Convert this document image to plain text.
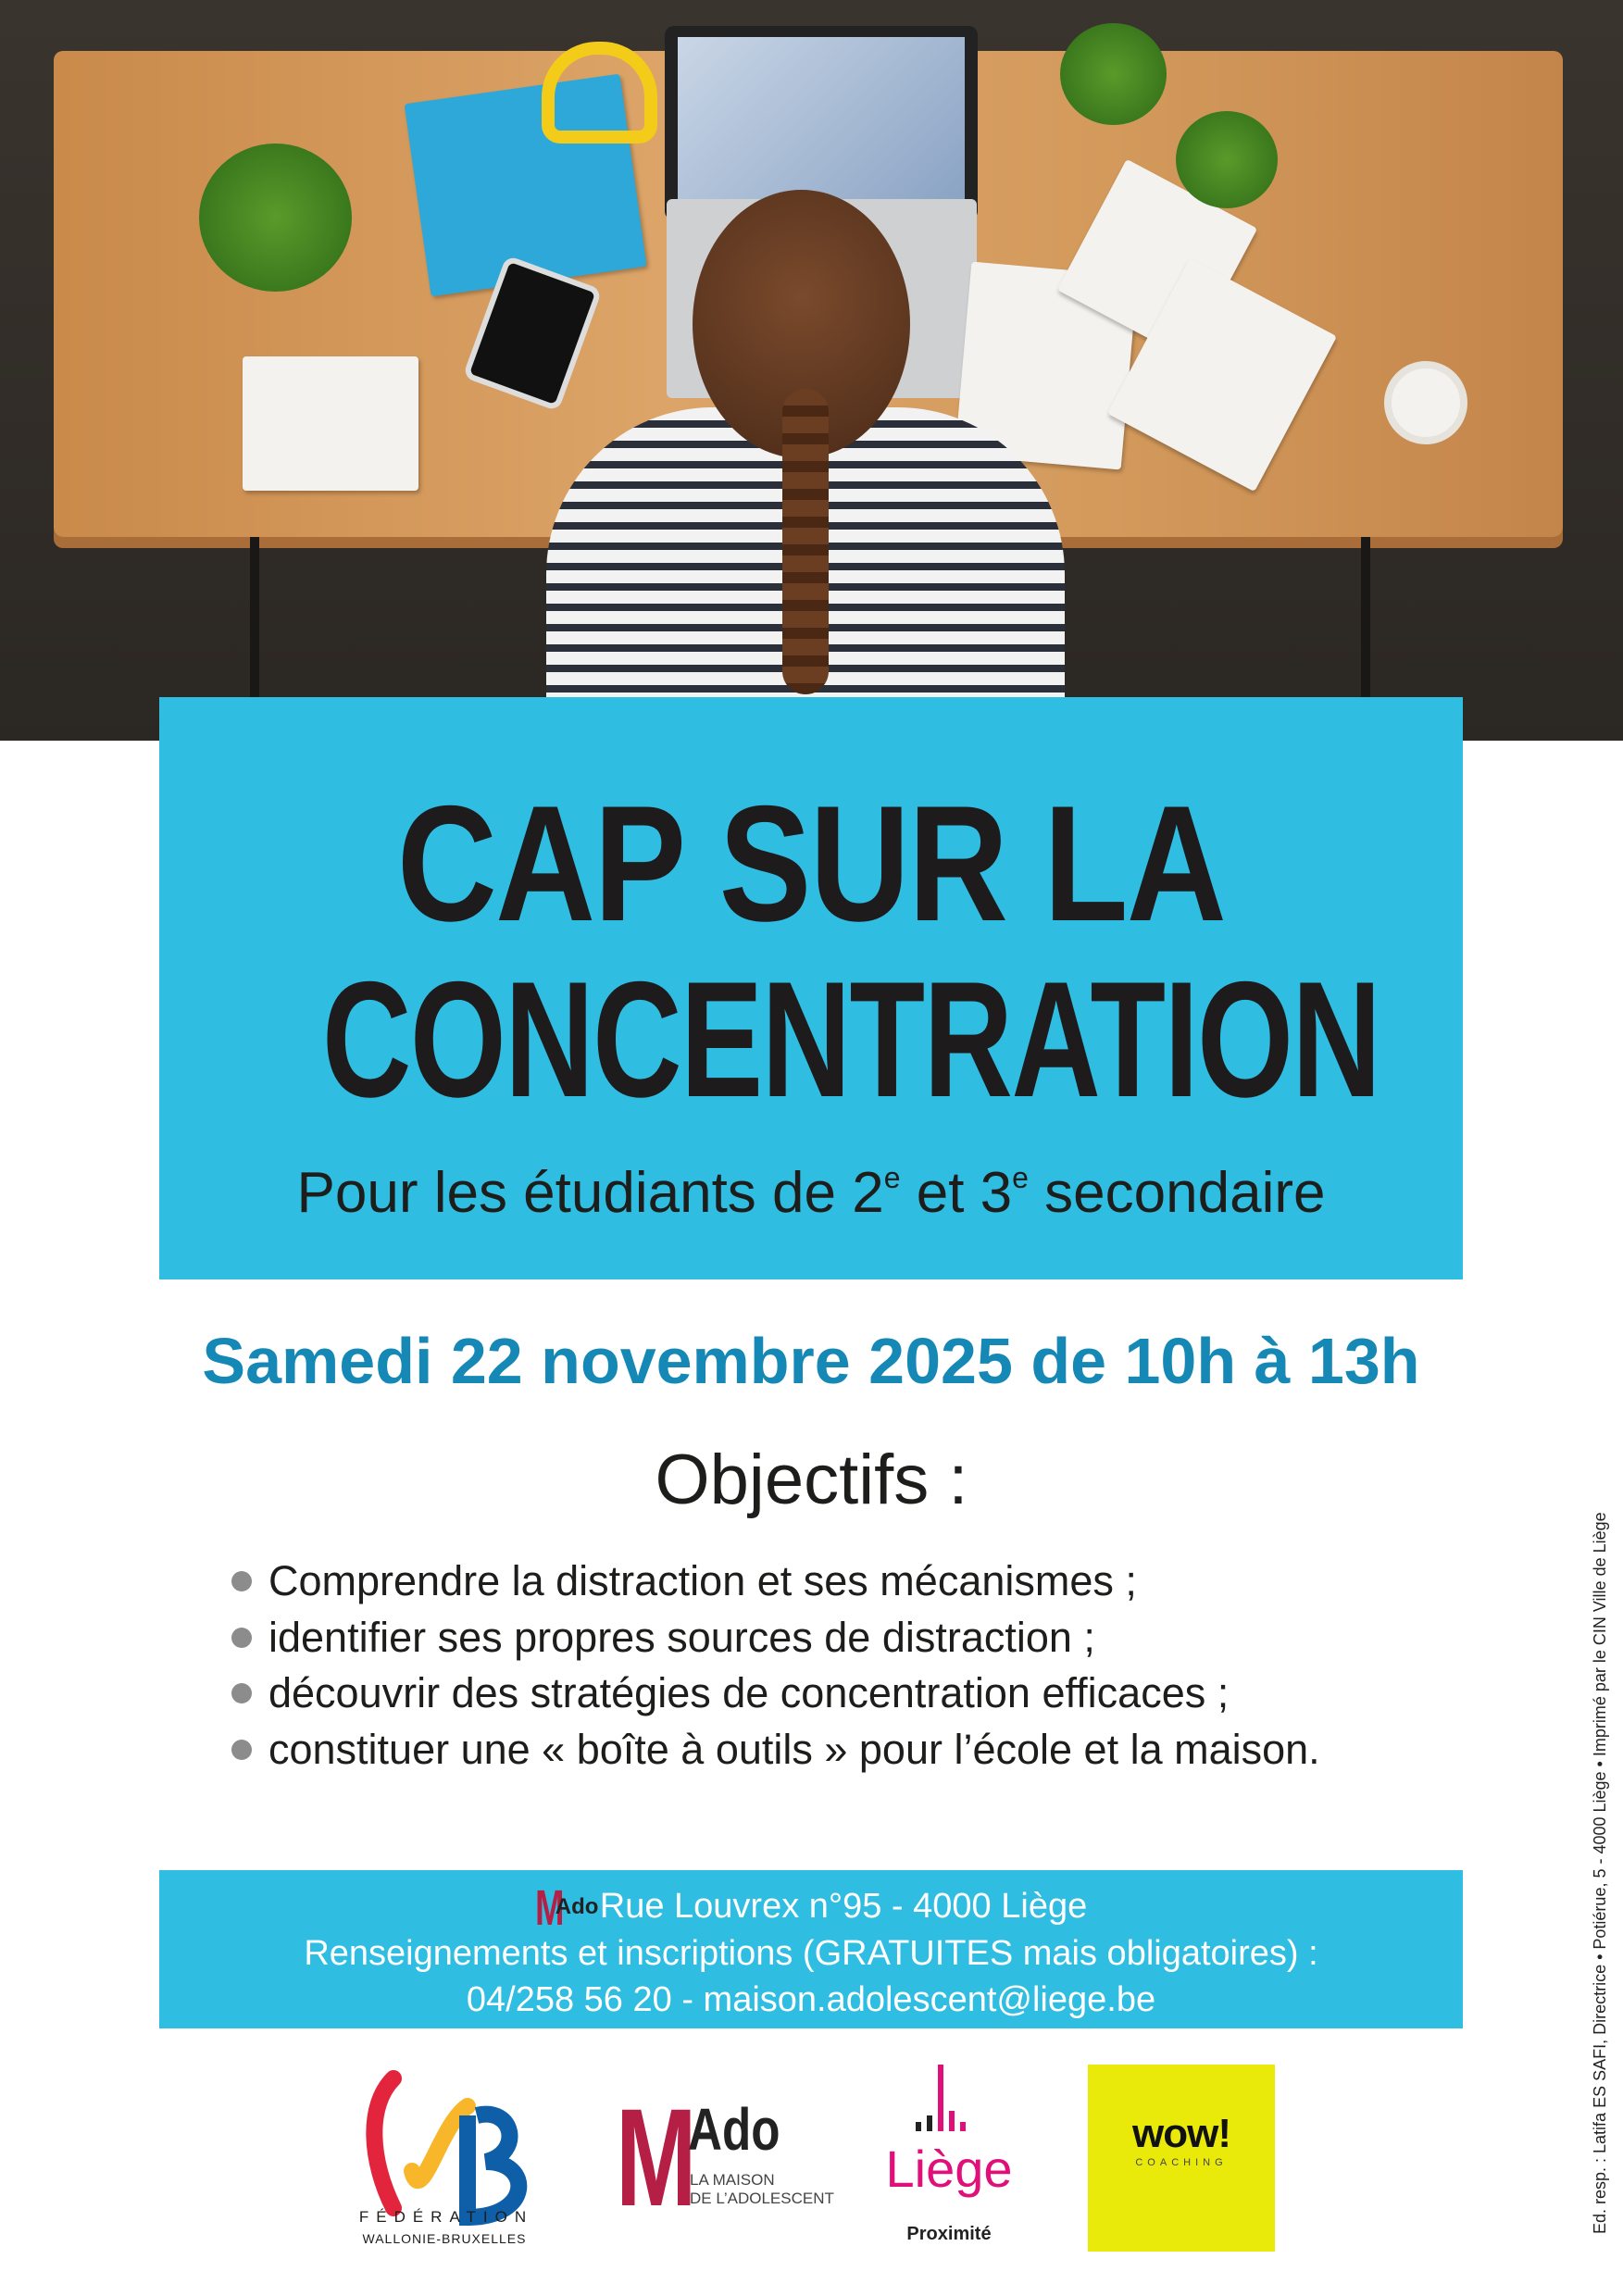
CAP SUR LA
CONCENTRATION
Pour les étudiants de 2e et 3e secondaire
Samedi 22 novembre 2025 de 10h à 13h
Objectifs :
Comprendre la distraction et ses mécanismes ;
identifier ses propres sources de distraction ;
découvrir des stratégies de concentration efficaces ;
constituer une « boîte à outils » pour l’école et la maison.
M
Ado Rue Louvrex n°95 - 4000 Liège
Renseignements et inscriptions (GRATUITES mais obligatoires) :
04/258 56 20 - maison.adolescent@liege.be
FÉDÉRATION
WALLONIE-BRUXELLES
M
Ado
LA MAISON
DE L’ADOLESCENT
Liège
Proximité
wow!
COACHING	Ed. resp. : Latifa ES SAFI, Directrice • Potiérue, 5 - 4000 Liège • Imprimé par le CIN Ville de Liège
